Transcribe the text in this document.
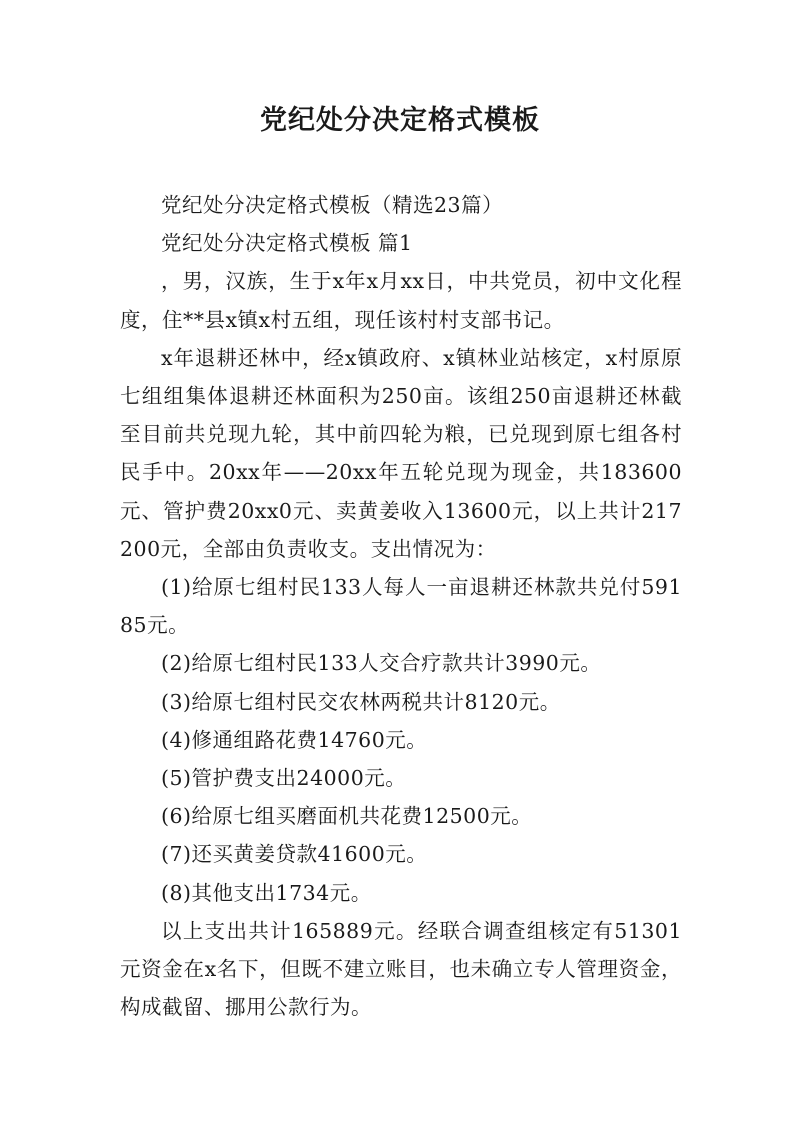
党纪处分决定格式模板

党纪处分决定格式模板（精选23篇）

党纪处分决定格式模板 篇1

，男，汉族，生于x年x月xx日，中共党员，初中文化程度，住**县x镇x村五组，现任该村村支部书记。

x年退耕还林中，经x镇政府、x镇林业站核定，x村原原七组组集体退耕还林面积为250亩。该组250亩退耕还林截至目前共兑现九轮，其中前四轮为粮，已兑现到原七组各村民手中。20xx年——20xx年五轮兑现为现金，共183600元、管护费20xx0元、卖黄姜收入13600元，以上共计217200元，全部由负责收支。支出情况为：

(1)给原七组村民133人每人一亩退耕还林款共兑付59185元。

(2)给原七组村民133人交合疗款共计3990元。

(3)给原七组村民交农林两税共计8120元。

(4)修通组路花费14760元。

(5)管护费支出24000元。

(6)给原七组买磨面机共花费12500元。

(7)还买黄姜贷款41600元。

(8)其他支出1734元。

以上支出共计165889元。经联合调查组核定有51301元资金在x名下，但既不建立账目，也未确立专人管理资金，构成截留、挪用公款行为。
